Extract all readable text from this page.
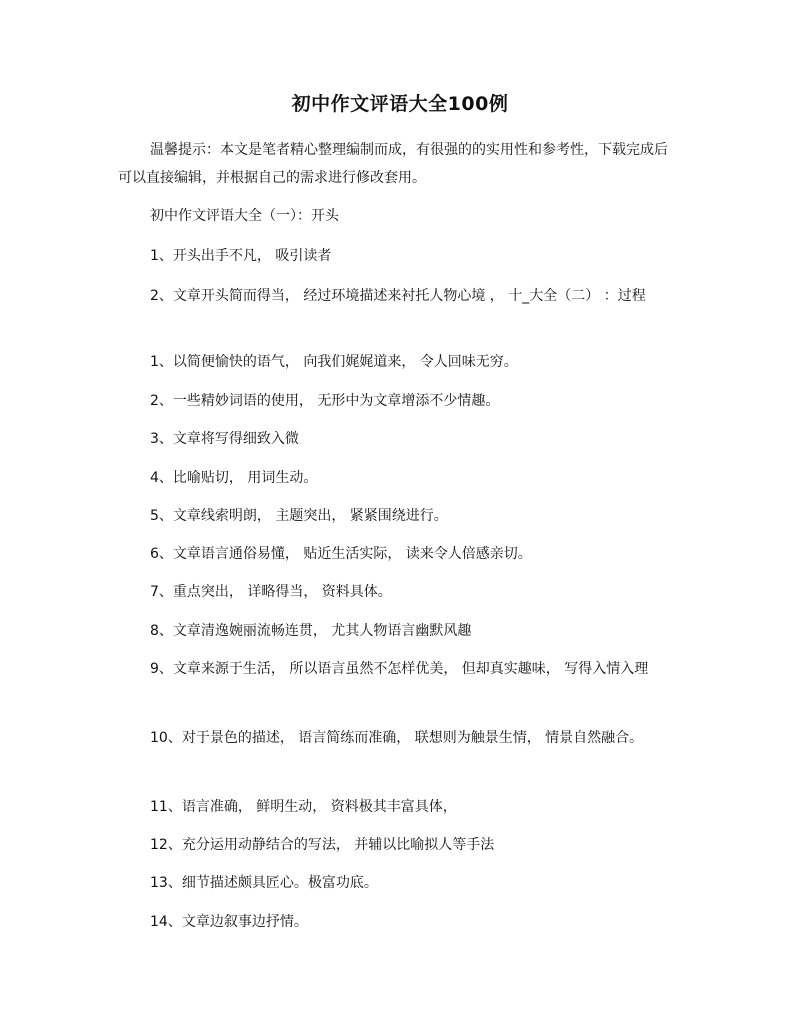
初中作文评语大全100例
温馨提示：本文是笔者精心整理编制而成，有很强的的实用性和参考性，下载完成后可以直接编辑，并根据自己的需求进行修改套用。
初中作文评语大全（一）：开头
1、开头出手不凡， 吸引读者
2、文章开头简而得当， 经过环境描述来衬托人物心境 ， 十_大全（二） ：过程
1、以简便愉快的语气， 向我们娓娓道来， 令人回味无穷。
2、一些精妙词语的使用， 无形中为文章增添不少情趣。
3、文章将写得细致入微
4、比喻贴切， 用词生动。
5、文章线索明朗， 主题突出， 紧紧围绕进行。
6、文章语言通俗易懂， 贴近生活实际， 读来令人倍感亲切。
7、重点突出， 详略得当， 资料具体。
8、文章清逸婉丽流畅连贯， 尤其人物语言幽默风趣
9、文章来源于生活， 所以语言虽然不怎样优美， 但却真实趣味， 写得入情入理
10、对于景色的描述， 语言简练而准确， 联想则为触景生情， 情景自然融合。
11、语言准确， 鲜明生动， 资料极其丰富具体，
12、充分运用动静结合的写法， 并辅以比喻拟人等手法
13、细节描述颇具匠心。极富功底。
14、文章边叙事边抒情。
